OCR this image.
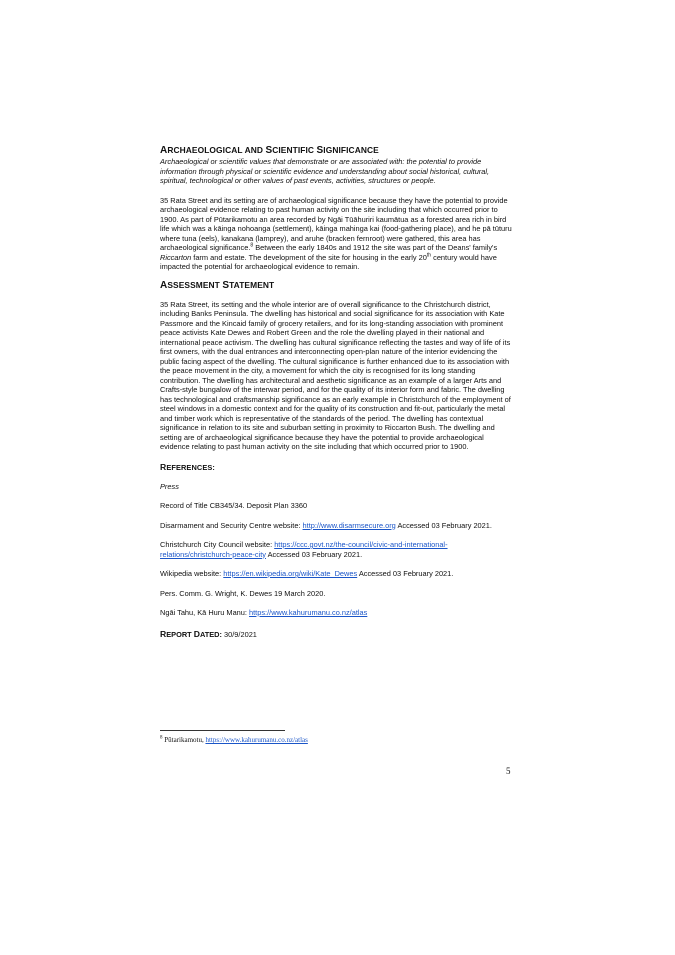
ARCHAEOLOGICAL AND SCIENTIFIC SIGNIFICANCE

Archaeological or scientific values that demonstrate or are associated with: the potential to provide information through physical or scientific evidence and understanding about social historical, cultural, spiritual, technological or other values of past events, activities, structures or people.

35 Rata Street and its setting are of archaeological significance because they have the potential to provide archaeological evidence relating to past human activity on the site including that which occurred prior to 1900. As part of Pūtarikamotu an area recorded by Ngāi Tūāhuriri kaumātua as a forested area rich in bird life which was a kāinga nohoanga (settlement), kāinga mahinga kai (food-gathering place), and he pā tūturu where tuna (eels), kanakana (lamprey), and aruhe (bracken fernroot) were gathered, this area has archaeological significance.$^8$ Between the early 1840s and 1912 the site was part of the Deans' family's Riccarton farm and estate. The development of the site for housing in the early 20th century would have impacted the potential for archaeological evidence to remain.

ASSESSMENT STATEMENT

35 Rata Street, its setting and the whole interior are of overall significance to the Christchurch district, including Banks Peninsula. The dwelling has historical and social significance for its association with Kate Passmore and the Kincaid family of grocery retailers, and for its long-standing association with prominent peace activists Kate Dewes and Robert Green and the role the dwelling played in their national and international peace activism. The dwelling has cultural significance reflecting the tastes and way of life of its first owners, with the dual entrances and interconnecting open-plan nature of the interior evidencing the public facing aspect of the dwelling. The cultural significance is further enhanced due to its association with the peace movement in the city, a movement for which the city is recognised for its long standing contribution. The dwelling has architectural and aesthetic significance as an example of a larger Arts and Crafts-style bungalow of the interwar period, and for the quality of its interior form and fabric. The dwelling has technological and craftsmanship significance as an early example in Christchurch of the employment of steel windows in a domestic context and for the quality of its construction and fit-out, particularly the metal and timber work which is representative of the standards of the period. The dwelling has contextual significance in relation to its site and suburban setting in proximity to Riccarton Bush. The dwelling and setting are of archaeological significance because they have the potential to provide archaeological evidence relating to past human activity on the site including that which occurred prior to 1900.

REFERENCES:

Press

Record of Title CB345/34. Deposit Plan 3360

Disarmament and Security Centre website: http://www.disarmsecure.org Accessed 03 February 2021.

Christchurch City Council website: https://ccc.govt.nz/the-council/civic-and-international-relations/christchurch-peace-city Accessed 03 February 2021.

Wikipedia website: https://en.wikipedia.org/wiki/Kate_Dewes Accessed 03 February 2021.

Pers. Comm. G. Wright, K. Dewes 19 March 2020.

Ngāi Tahu, Kā Huru Manu: https://www.kahurumanu.co.nz/atlas

REPORT DATED: 30/9/2021

$^8$ Pūtarikamotu, https://www.kahurumanu.co.nz/atlas
5
